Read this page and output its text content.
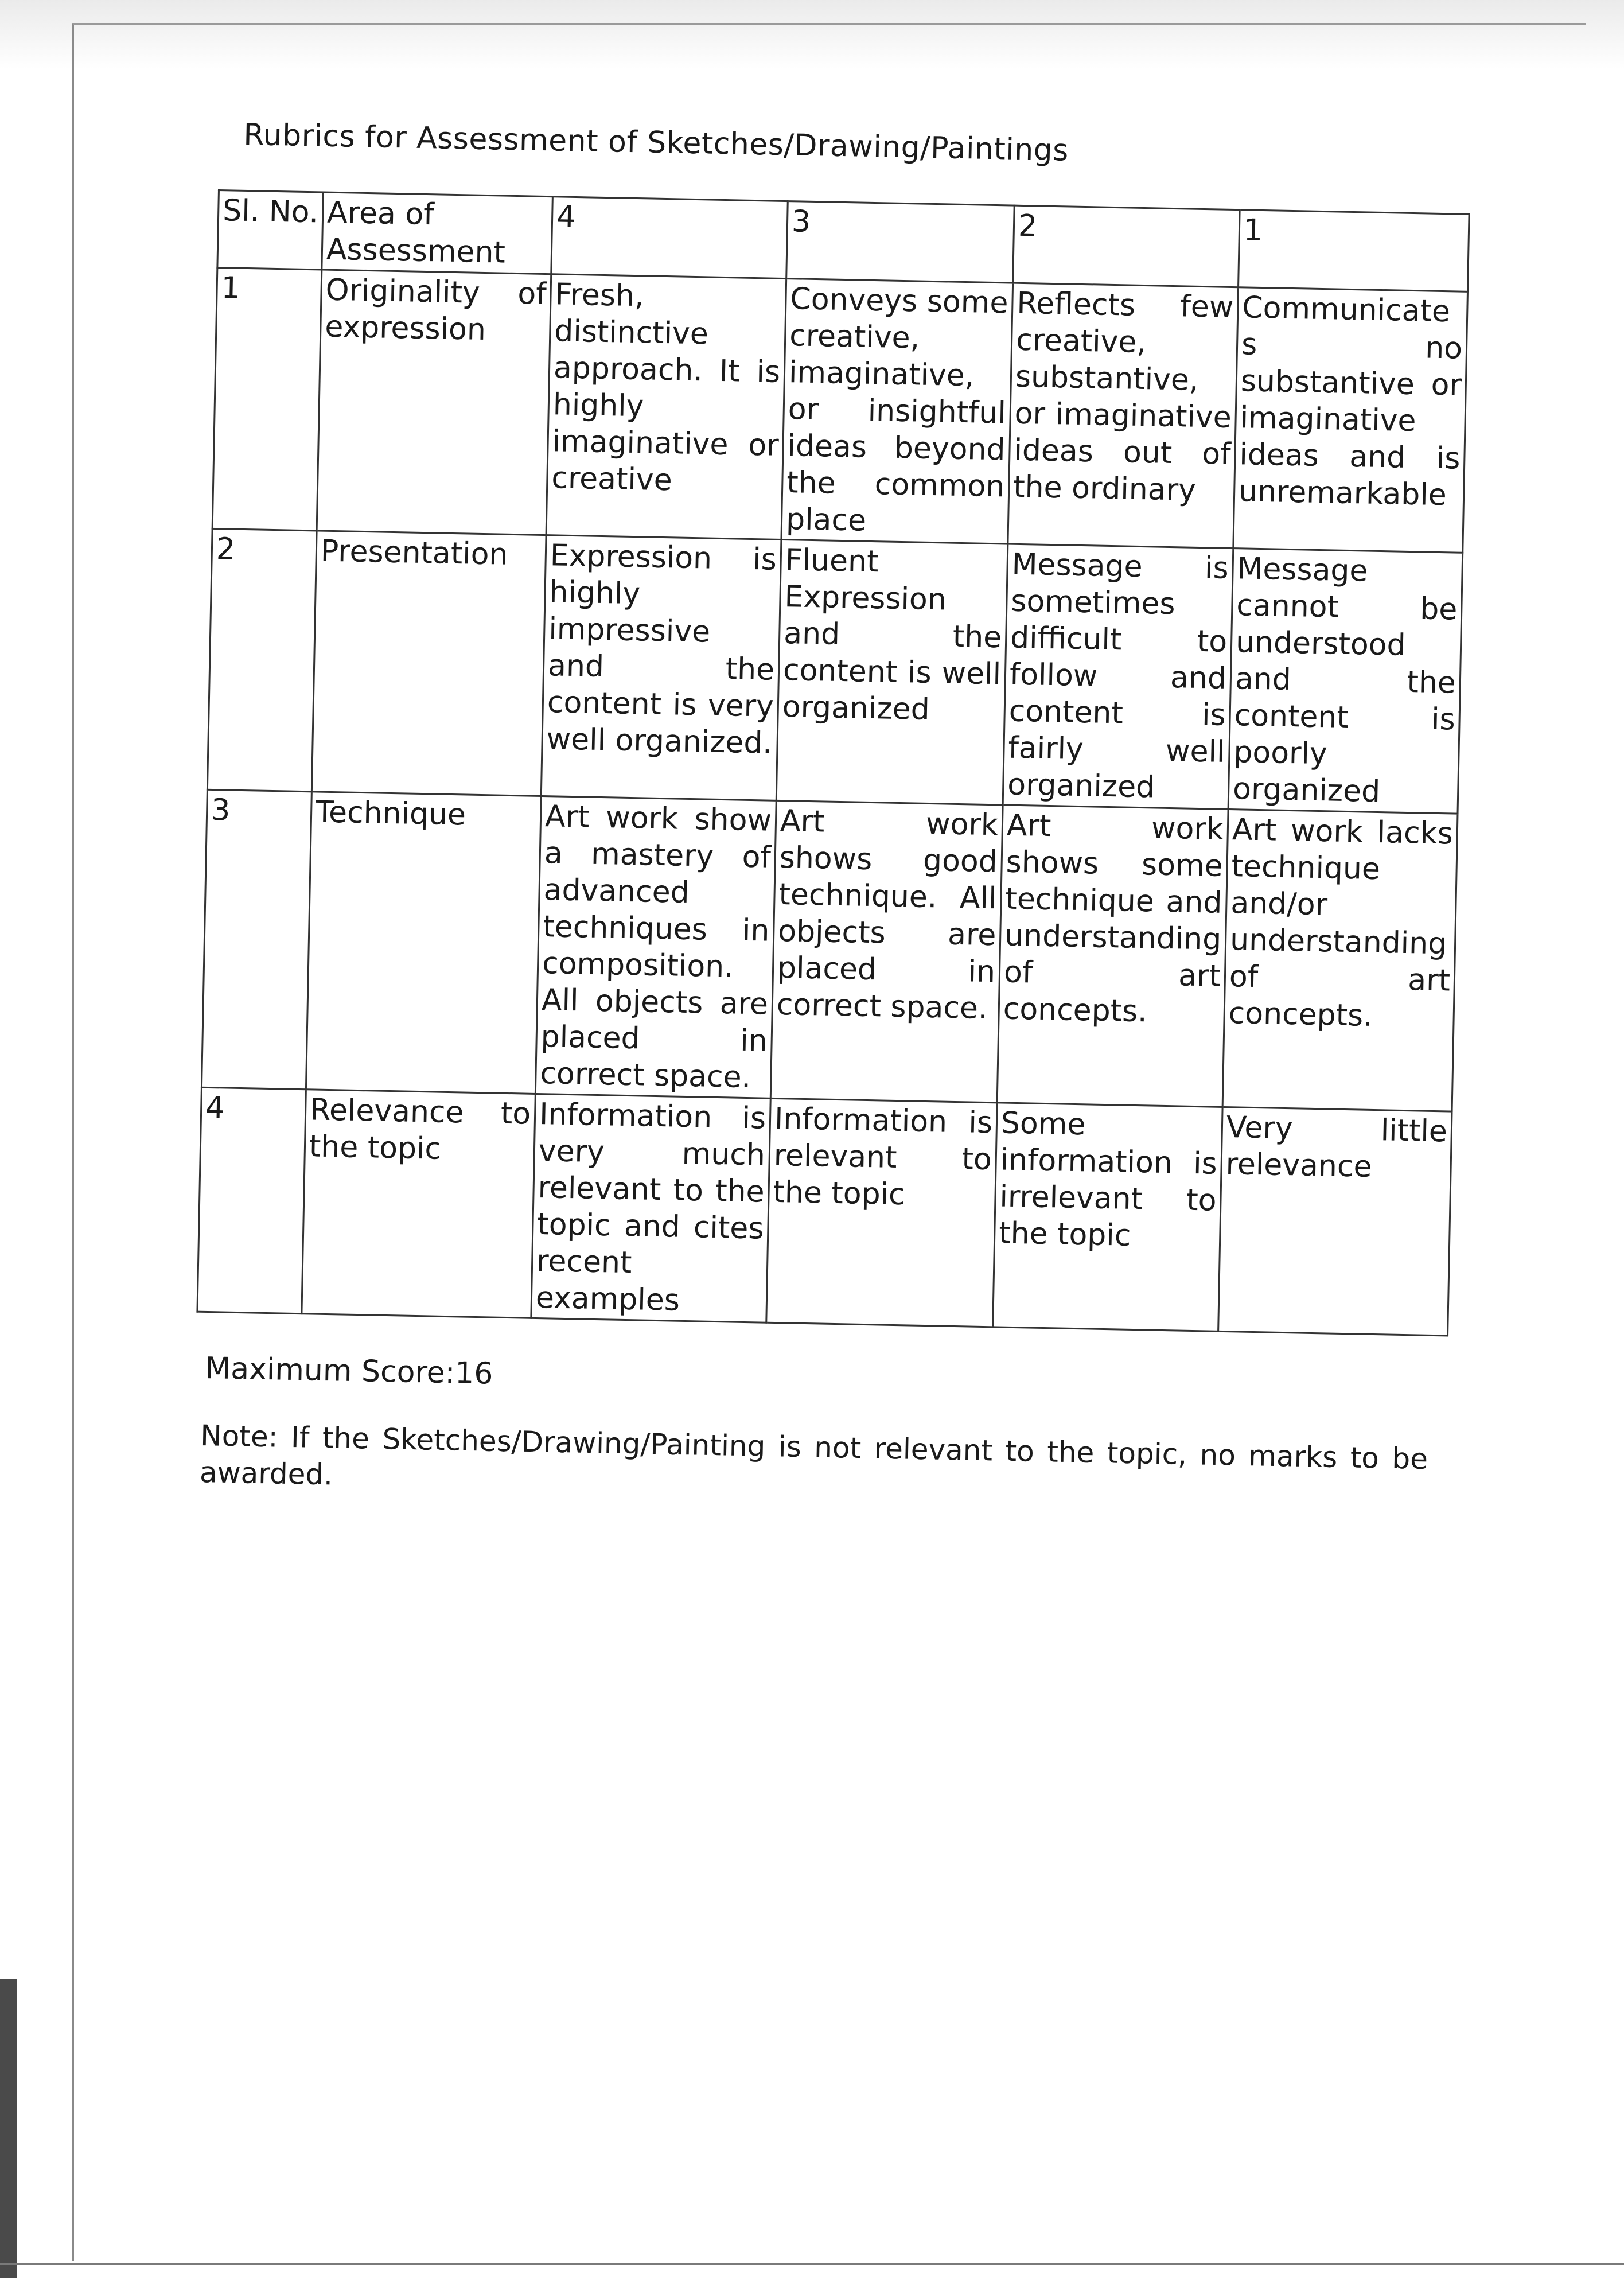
Rubrics for Assessment of Sketches/Drawing/Paintings
Sl. No.	Area of Assessment	4	3	2	1
1	Originality of expression	Fresh, distinctive approach. It is highly imaginative or creative	Conveys some creative, imaginative, or insightful ideas beyond the common place	Reflects few creative, substantive, or imaginative ideas out of the ordinary	Communicates no substantive or imaginative ideas and is unremarkable
2	Presentation	Expression is highly impressive and the content is very well organized.	Fluent Expression and the content is well organized	Message is sometimes difficult to follow and content is fairly well organized	Message cannot be understood and the content is poorly organized
3	Technique	Art work show a mastery of advanced techniques in composition. All objects are placed in correct space.	Art work shows good technique. All objects are placed in correct space.	Art work shows some technique and understanding of art concepts.	Art work lacks technique and/or understanding of art concepts.
4	Relevance to the topic	Information is very much relevant to the topic and cites recent examples	Information is relevant to the topic	Some information is irrelevant to the topic	Very little relevance
Maximum Score:16
Note: If the Sketches/Drawing/Painting is not relevant to the topic, no marks to be awarded.
